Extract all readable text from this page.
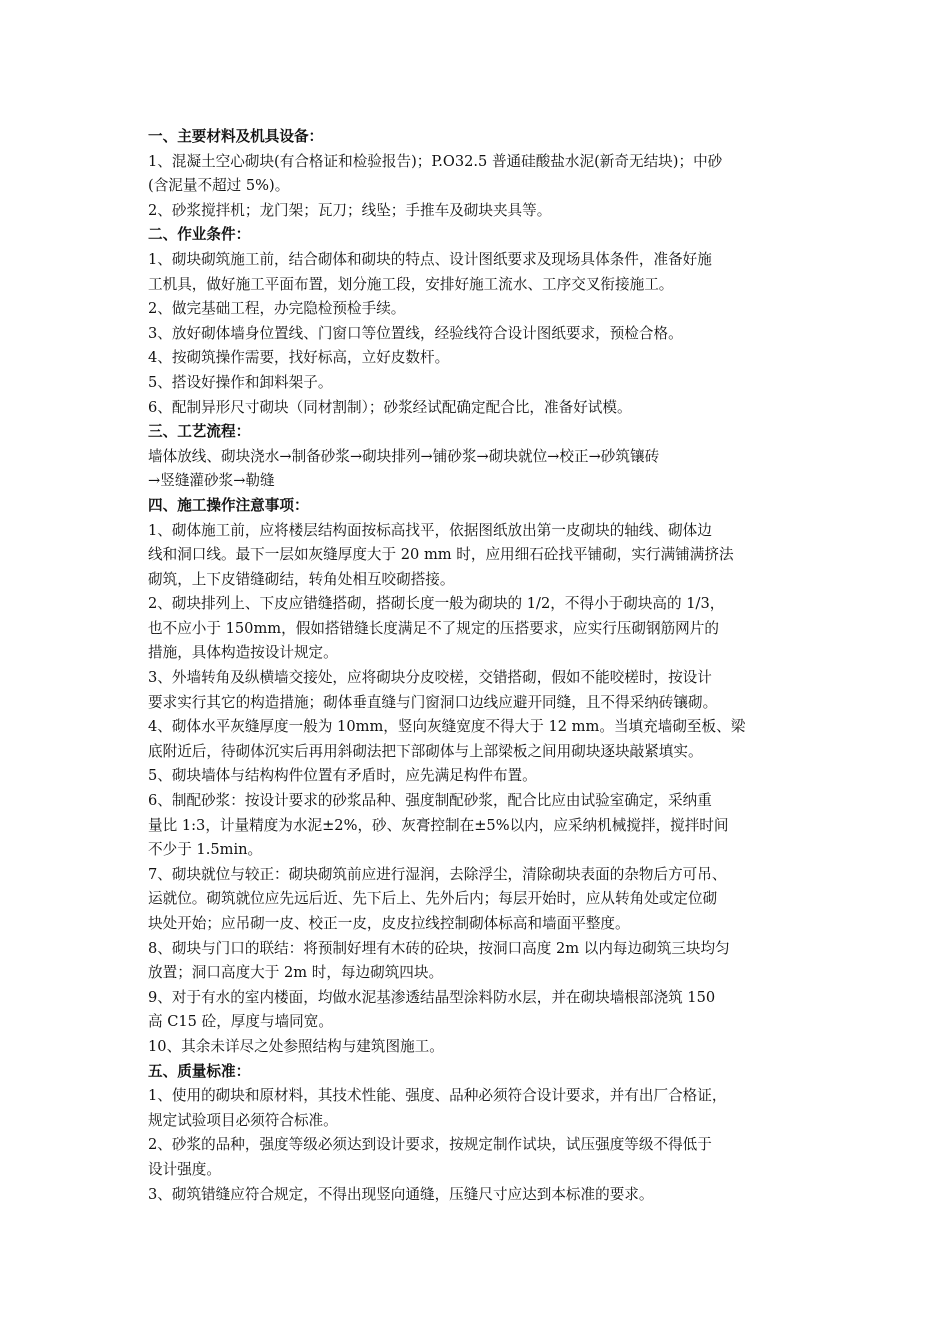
一、主要材料及机具设备：
1、混凝土空心砌块(有合格证和检验报告)；P.O32.5 普通硅酸盐水泥(新奇无结块)；中砂
(含泥量不超过 5%)。
2、砂浆搅拌机；龙门架；瓦刀；线坠；手推车及砌块夹具等。
二、作业条件：
1、砌块砌筑施工前，结合砌体和砌块的特点、设计图纸要求及现场具体条件，准备好施
工机具，做好施工平面布置，划分施工段，安排好施工流水、工序交叉衔接施工。
2、做完基础工程，办完隐检预检手续。
3、放好砌体墙身位置线、门窗口等位置线，经验线符合设计图纸要求，预检合格。
4、按砌筑操作需要，找好标高，立好皮数杆。
5、搭设好操作和卸料架子。
6、配制异形尺寸砌块（同材割制）；砂浆经试配确定配合比，准备好试模。
三、工艺流程：
墙体放线、砌块浇水→制备砂浆→砌块排列→铺砂浆→砌块就位→校正→砂筑镶砖
→竖缝灌砂浆→勒缝
四、施工操作注意事项：
1、砌体施工前，应将楼层结构面按标高找平，依据图纸放出第一皮砌块的轴线、砌体边
线和洞口线。最下一层如灰缝厚度大于 20 mm 时，应用细石砼找平铺砌，实行满铺满挤法
砌筑，上下皮错缝砌结，转角处相互咬砌搭接。
2、砌块排列上、下皮应错缝搭砌，搭砌长度一般为砌块的 1/2，不得小于砌块高的 1/3，
也不应小于 150mm，假如搭错缝长度满足不了规定的压搭要求，应实行压砌钢筋网片的
措施，具体构造按设计规定。
3、外墙转角及纵横墙交接处，应将砌块分皮咬槎，交错搭砌，假如不能咬槎时，按设计
要求实行其它的构造措施；砌体垂直缝与门窗洞口边线应避开同缝，且不得采纳砖镶砌。
4、砌体水平灰缝厚度一般为 10mm，竖向灰缝宽度不得大于 12 mm。当填充墙砌至板、梁
底附近后，待砌体沉实后再用斜砌法把下部砌体与上部梁板之间用砌块逐块敲紧填实。
5、砌块墙体与结构构件位置有矛盾时，应先满足构件布置。
6、制配砂浆：按设计要求的砂浆品种、强度制配砂浆，配合比应由试验室确定，采纳重
量比 1:3，计量精度为水泥±2%，砂、灰膏控制在±5%以内，应采纳机械搅拌，搅拌时间
不少于 1.5min。
7、砌块就位与较正：砌块砌筑前应进行湿润，去除浮尘，清除砌块表面的杂物后方可吊、
运就位。砌筑就位应先远后近、先下后上、先外后内；每层开始时，应从转角处或定位砌
块处开始；应吊砌一皮、校正一皮，皮皮拉线控制砌体标高和墙面平整度。
8、砌块与门口的联结：将预制好埋有木砖的砼块，按洞口高度 2m 以内每边砌筑三块均匀
放置；洞口高度大于 2m 时，每边砌筑四块。
9、对于有水的室内楼面，均做水泥基渗透结晶型涂料防水层，并在砌块墙根部浇筑 150
高 C15 砼，厚度与墙同宽。
10、其余未详尽之处参照结构与建筑图施工。
五、质量标准：
1、使用的砌块和原材料，其技术性能、强度、品种必须符合设计要求，并有出厂合格证，
规定试验项目必须符合标准。
2、砂浆的品种，强度等级必须达到设计要求，按规定制作试块，试压强度等级不得低于
设计强度。
3、砌筑错缝应符合规定，不得出现竖向通缝，压缝尺寸应达到本标准的要求。
